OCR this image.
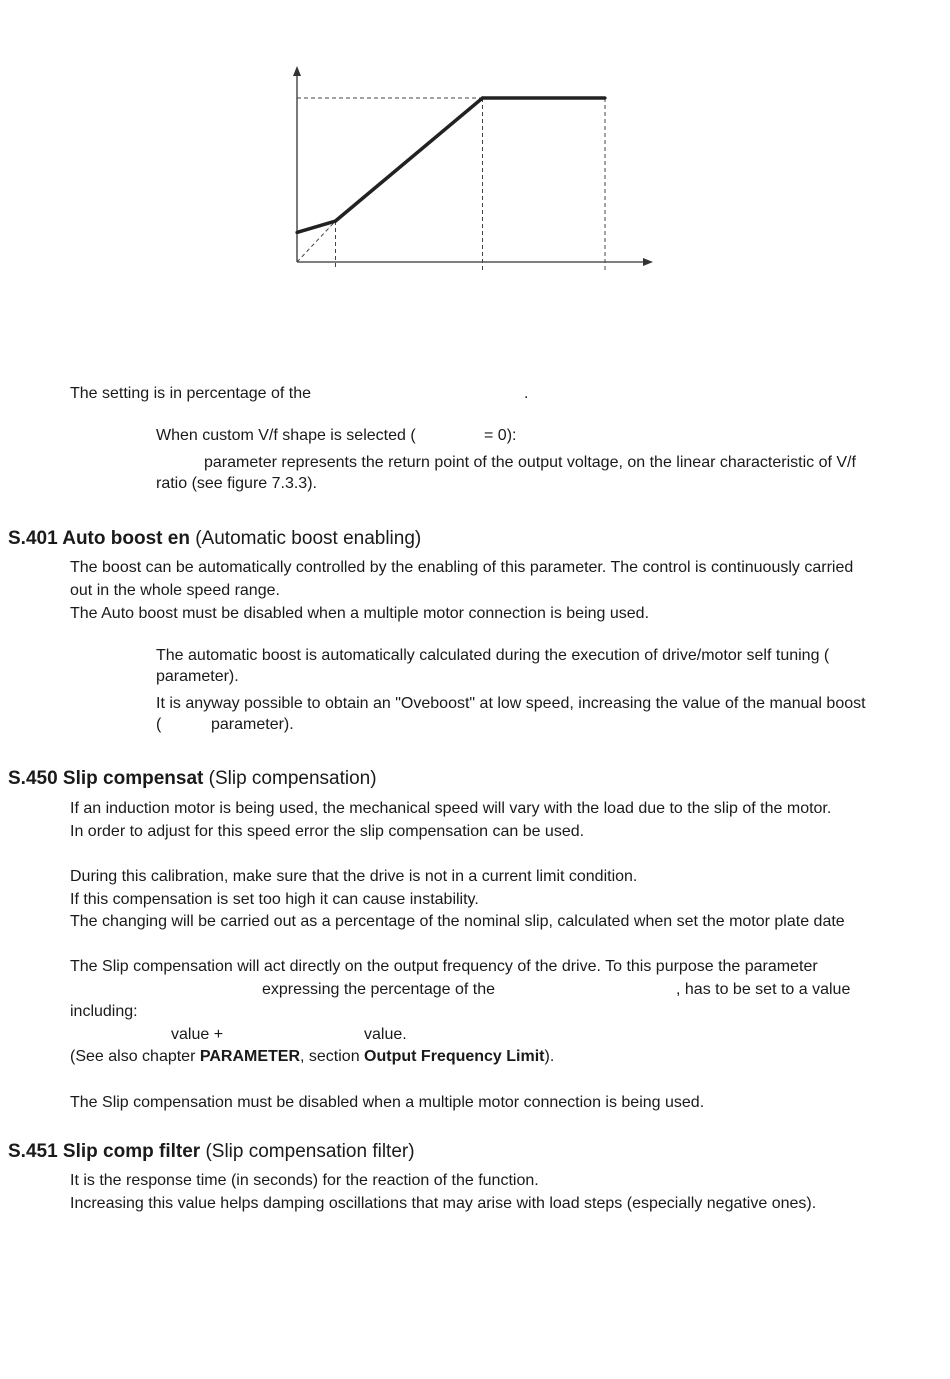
The setting is in percentage of the	.
When custom V/f shape is selected (	= 0):
parameter represents the return point of the output voltage, on the linear characteristic of V/f
ratio (see figure 7.3.3).
S.401 Auto boost en (Automatic boost enabling)
The boost can be automatically controlled by the enabling of this parameter. The control is continuously carried
out in the whole speed range.
The Auto boost must be disabled when a multiple motor connection is being used.
The automatic boost is automatically calculated during the execution of drive/motor self tuning (
parameter).
It is anyway possible to obtain an "Oveboost" at low speed, increasing the value of the manual boost
(	parameter).
S.450 Slip compensat (Slip compensation)
If an induction motor is being used, the mechanical speed will vary with the load due to the slip of the motor.
In order to adjust for this speed error the slip compensation can be used.
During this calibration, make sure that the drive is not in a current limit condition.
If this compensation is set too high it can cause instability.
The changing will be carried out as a percentage of the nominal slip, calculated when set the motor plate date
The Slip compensation will act directly on the output frequency of the drive. To this purpose the parameter
expressing the percentage of the	, has to be set to a value
including:
value +	value.
(See also chapter PARAMETER, section Output Frequency Limit).
The Slip compensation must be disabled when a multiple motor connection is being used.
S.451 Slip comp filter (Slip compensation filter)
It is the response time (in seconds) for the reaction of the function.
Increasing this value helps damping oscillations that may arise with load steps (especially negative ones).
